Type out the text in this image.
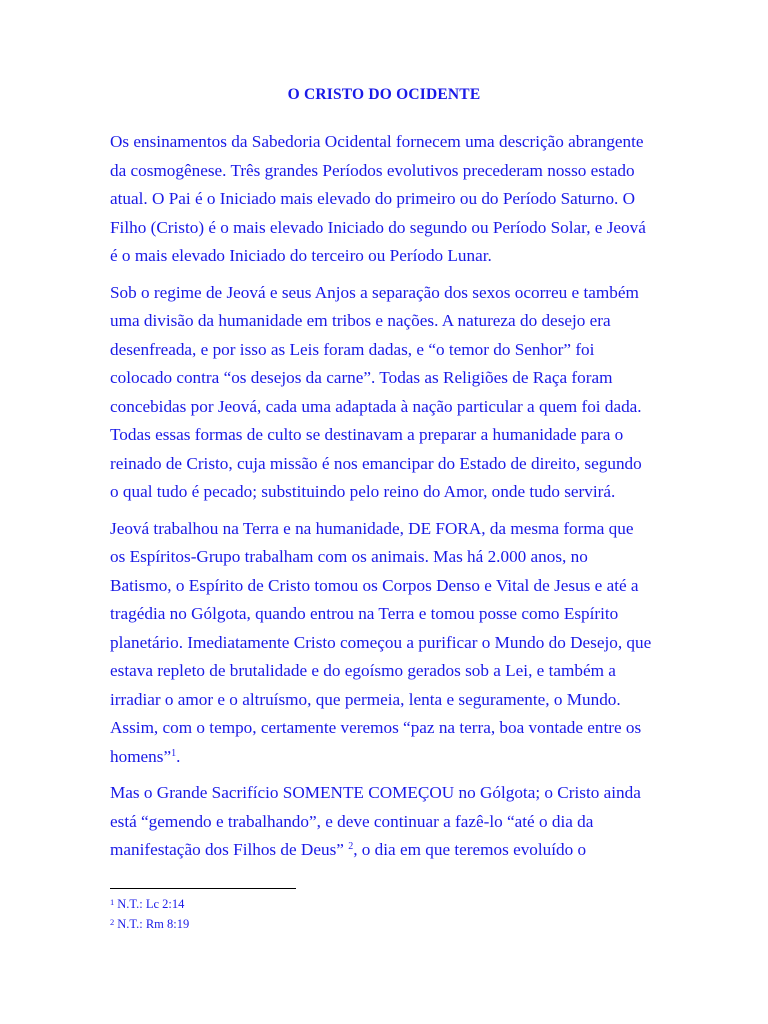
O CRISTO DO OCIDENTE

Os ensinamentos da Sabedoria Ocidental fornecem uma descrição abrangente
da cosmogênese. Três grandes Períodos evolutivos precederam nosso estado
atual. O Pai é o Iniciado mais elevado do primeiro ou do Período Saturno. O
Filho (Cristo) é o mais elevado Iniciado do segundo ou Período Solar, e Jeová
é o mais elevado Iniciado do terceiro ou Período Lunar.

Sob o regime de Jeová e seus Anjos a separação dos sexos ocorreu e também
uma divisão da humanidade em tribos e nações. A natureza do desejo era
desenfreada, e por isso as Leis foram dadas, e “o temor do Senhor” foi
colocado contra “os desejos da carne”. Todas as Religiões de Raça foram
concebidas por Jeová, cada uma adaptada à nação particular a quem foi dada.
Todas essas formas de culto se destinavam a preparar a humanidade para o
reinado de Cristo, cuja missão é nos emancipar do Estado de direito, segundo
o qual tudo é pecado; substituindo pelo reino do Amor, onde tudo servirá.

Jeová trabalhou na Terra e na humanidade, DE FORA, da mesma forma que
os Espíritos-Grupo trabalham com os animais. Mas há 2.000 anos, no
Batismo, o Espírito de Cristo tomou os Corpos Denso e Vital de Jesus e até a
tragédia no Gólgota, quando entrou na Terra e tomou posse como Espírito
planetário. Imediatamente Cristo começou a purificar o Mundo do Desejo, que
estava repleto de brutalidade e do egoísmo gerados sob a Lei, e também a
irradiar o amor e o altruísmo, que permeia, lenta e seguramente, o Mundo.
Assim, com o tempo, certamente veremos “paz na terra, boa vontade entre os
homens”$^1$.

Mas o Grande Sacrifício SOMENTE COMEÇOU no Gólgota; o Cristo ainda
está “gemendo e trabalhando”, e deve continuar a fazê-lo “até o dia da
manifestação dos Filhos de Deus” $^2$, o dia em que teremos evoluído o

$^1$ N.T.: Lc 2:14
$^2$ N.T.: Rm 8:19
